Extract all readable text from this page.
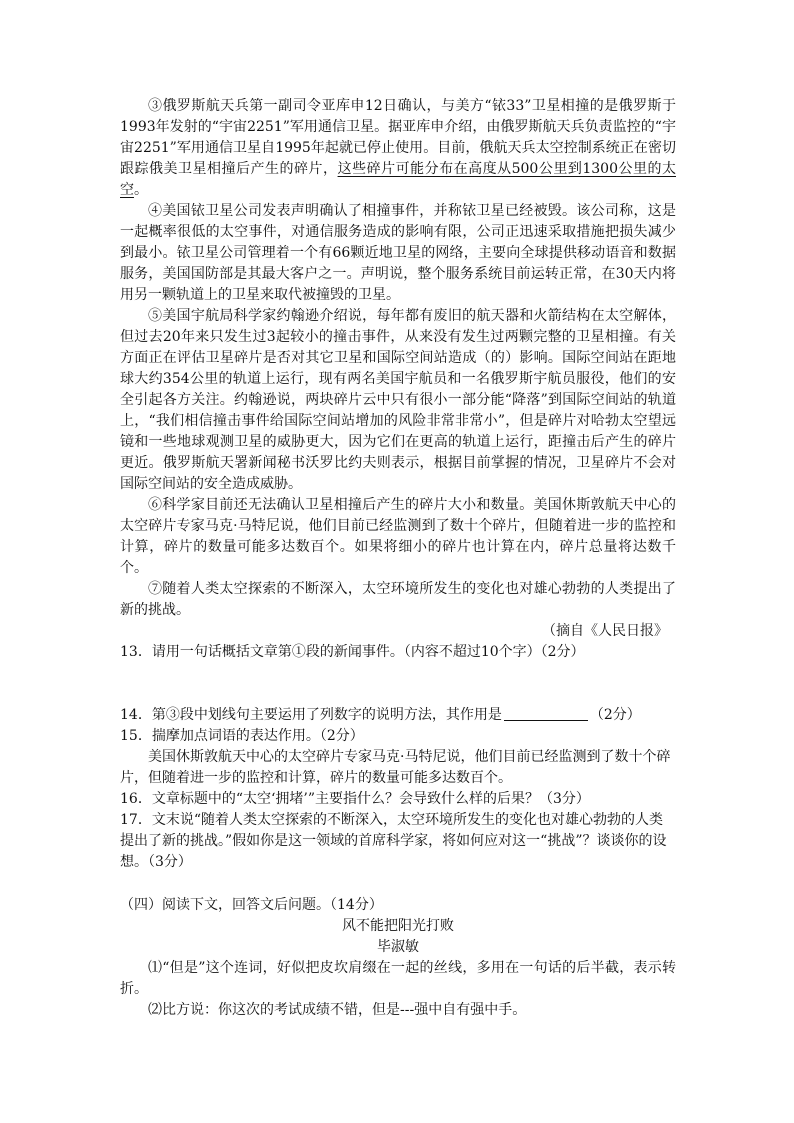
③俄罗斯航天兵第一副司令亚库申12日确认，与美方“铱33”卫星相撞的是俄罗斯于1993年发射的“宇宙2251”军用通信卫星。据亚库申介绍，由俄罗斯航天兵负责监控的“宇宙2251”军用通信卫星自1995年起就已停止使用。目前，俄航天兵太空控制系统正在密切跟踪俄美卫星相撞后产生的碎片，这些碎片可能分布在高度从500公里到1300公里的太空。

④美国铱卫星公司发表声明确认了相撞事件，并称铱卫星已经被毁。该公司称，这是一起概率很低的太空事件，对通信服务造成的影响有限，公司正迅速采取措施把损失减少到最小。铱卫星公司管理着一个有66颗近地卫星的网络，主要向全球提供移动语音和数据服务，美国国防部是其最大客户之一。声明说，整个服务系统目前运转正常，在30天内将用另一颗轨道上的卫星来取代被撞毁的卫星。

⑤美国宇航局科学家约翰逊介绍说，每年都有废旧的航天器和火箭结构在太空解体，但过去20年来只发生过3起较小的撞击事件，从来没有发生过两颗完整的卫星相撞。有关方面正在评估卫星碎片是否对其它卫星和国际空间站造成（的）影响。国际空间站在距地球大约354公里的轨道上运行，现有两名美国宇航员和一名俄罗斯宇航员服役，他们的安全引起各方关注。约翰逊说，两块碎片云中只有很小一部分能“降落”到国际空间站的轨道上，“我们相信撞击事件给国际空间站增加的风险非常非常小”，但是碎片对哈勃太空望远镜和一些地球观测卫星的威胁更大，因为它们在更高的轨道上运行，距撞击后产生的碎片更近。俄罗斯航天署新闻秘书沃罗比约夫则表示，根据目前掌握的情况，卫星碎片不会对国际空间站的安全造成威胁。

⑥科学家目前还无法确认卫星相撞后产生的碎片大小和数量。美国休斯敦航天中心的太空碎片专家马克·马特尼说，他们目前已经监测到了数十个碎片，但随着进一步的监控和计算，碎片的数量可能多达数百个。如果将细小的碎片也计算在内，碎片总量将达数千个。

⑦随着人类太空探索的不断深入，太空环境所发生的变化也对雄心勃勃的人类提出了新的挑战。

（摘自《人民日报》

13．请用一句话概括文章第①段的新闻事件。（内容不超过10个字）（2分）

14．第③段中划线句主要运用了列数字的说明方法，其作用是	（2分）

15．揣摩加点词语的表达作用。（2分）

美国休斯敦航天中心的太空碎片专家马克·马特尼说，他们目前已经监测到了数十个碎片，但随着进一步的监控和计算，碎片的数量可能多达数百个。

16．文章标题中的“太空‘拥堵’”主要指什么？会导致什么样的后果？（3分）

17．文末说“随着人类太空探索的不断深入，太空环境所发生的变化也对雄心勃勃的人类提出了新的挑战。”假如你是这一领域的首席科学家，将如何应对这一“挑战”？谈谈你的设想。（3分）

（四）阅读下文，回答文后问题。（14分）

风不能把阳光打败

毕淑敏

⑴“但是”这个连词，好似把皮坎肩缀在一起的丝线，多用在一句话的后半截，表示转折。

⑵比方说：你这次的考试成绩不错，但是---强中自有强中手。
